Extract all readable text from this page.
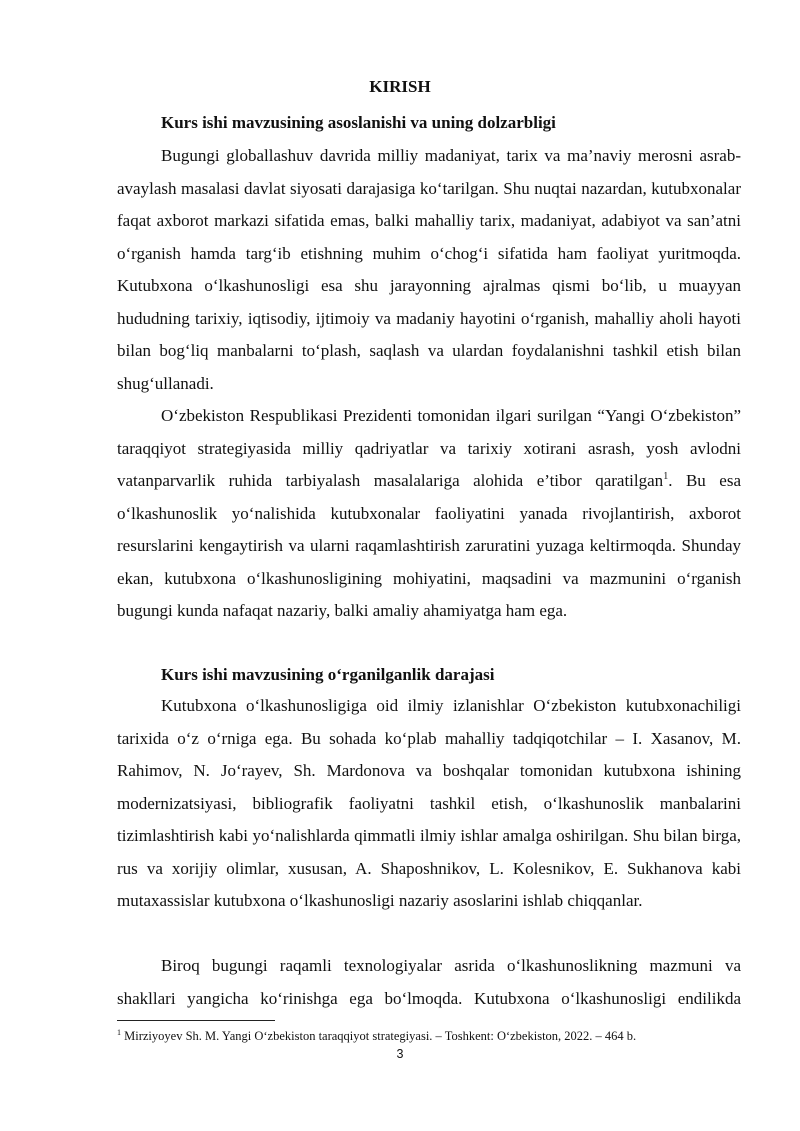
KIRISH

Kurs ishi mavzusining asoslanishi va uning dolzarbligi

Bugungi globallashuv davrida milliy madaniyat, tarix va ma’naviy merosni asrab-avaylash masalasi davlat siyosati darajasiga ko‘tarilgan. Shu nuqtai nazardan, kutubxonalar faqat axborot markazi sifatida emas, balki mahalliy tarix, madaniyat, adabiyot va san’atni o‘rganish hamda targ‘ib etishning muhim o‘chog‘i sifatida ham faoliyat yuritmoqda. Kutubxona o‘lkashunosligi esa shu jarayonning ajralmas qismi bo‘lib, u muayyan hududning tarixiy, iqtisodiy, ijtimoiy va madaniy hayotini o‘rganish, mahalliy aholi hayoti bilan bog‘liq manbalarni to‘plash, saqlash va ulardan foydalanishni tashkil etish bilan shug‘ullanadi.

O‘zbekiston Respublikasi Prezidenti tomonidan ilgari surilgan “Yangi O‘zbekiston” taraqqiyot strategiyasida milliy qadriyatlar va tarixiy xotirani asrash, yosh avlodni vatanparvarlik ruhida tarbiyalash masalalariga alohida e’tibor qaratilgan$^1$. Bu esa o‘lkashunoslik yo‘nalishida kutubxonalar faoliyatini yanada rivojlantirish, axborot resurslarini kengaytirish va ularni raqamlashtirish zaruratini yuzaga keltirmoqda. Shunday ekan, kutubxona o‘lkashunosligining mohiyatini, maqsadini va mazmunini o‘rganish bugungi kunda nafaqat nazariy, balki amaliy ahamiyatga ham ega.

Kurs ishi mavzusining o‘rganilganlik darajasi

Kutubxona o‘lkashunosligiga oid ilmiy izlanishlar O‘zbekiston kutubxonachiligi tarixida o‘z o‘rniga ega. Bu sohada ko‘plab mahalliy tadqiqotchilar – I. Xasanov, M. Rahimov, N. Jo‘rayev, Sh. Mardonova va boshqalar tomonidan kutubxona ishining modernizatsiyasi, bibliografik faoliyatni tashkil etish, o‘lkashunoslik manbalarini tizimlashtirish kabi yo‘nalishlarda qimmatli ilmiy ishlar amalga oshirilgan. Shu bilan birga, rus va xorijiy olimlar, xususan, A. Shaposhnikov, L. Kolesnikov, E. Sukhanova kabi mutaxassislar kutubxona o‘lkashunosligi nazariy asoslarini ishlab chiqqanlar.

Biroq bugungi raqamli texnologiyalar asrida o‘lkashunoslikning mazmuni va shakllari yangicha ko‘rinishga ega bo‘lmoqda. Kutubxona o‘lkashunosligi endilikda

$^1$ Mirziyoyev Sh. M. Yangi O‘zbekiston taraqqiyot strategiyasi. – Toshkent: O‘zbekiston, 2022. – 464 b.

3
